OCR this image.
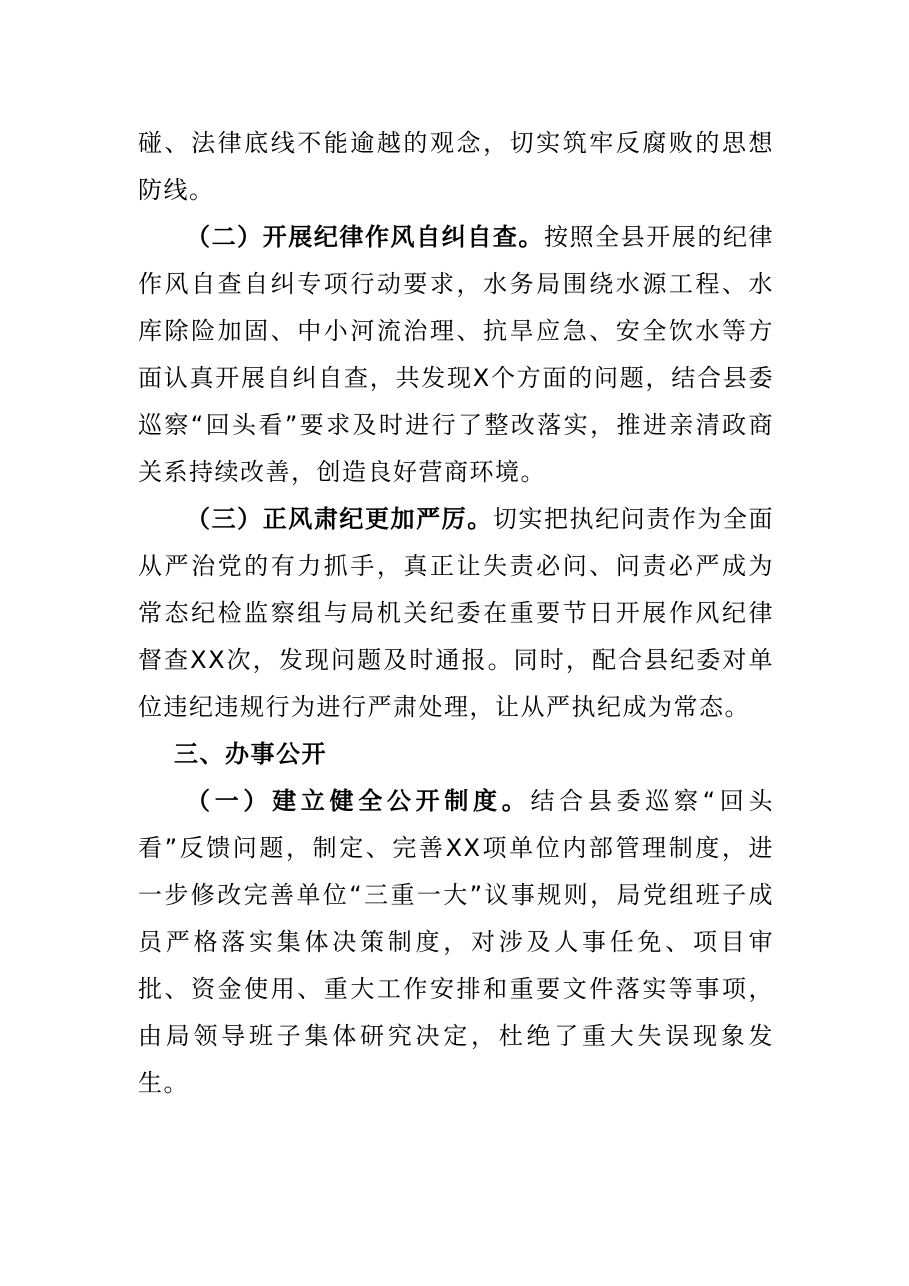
碰、法律底线不能逾越的观念，切实筑牢反腐败的思想防线。

（二）开展纪律作风自纠自查。按照全县开展的纪律作风自查自纠专项行动要求，水务局围绕水源工程、水库除险加固、中小河流治理、抗旱应急、安全饮水等方面认真开展自纠自查，共发现X个方面的问题，结合县委巡察“回头看”要求及时进行了整改落实，推进亲清政商关系持续改善，创造良好营商环境。

（三）正风肃纪更加严厉。切实把执纪问责作为全面从严治党的有力抓手，真正让失责必问、问责必严成为常态纪检监察组与局机关纪委在重要节日开展作风纪律督查XX次，发现问题及时通报。同时，配合县纪委对单位违纪违规行为进行严肃处理，让从严执纪成为常态。

三、办事公开

（一）建立健全公开制度。结合县委巡察“回头看”反馈问题，制定、完善XX项单位内部管理制度，进一步修改完善单位“三重一大”议事规则，局党组班子成员严格落实集体决策制度，对涉及人事任免、项目审批、资金使用、重大工作安排和重要文件落实等事项，由局领导班子集体研究决定，杜绝了重大失误现象发生。
